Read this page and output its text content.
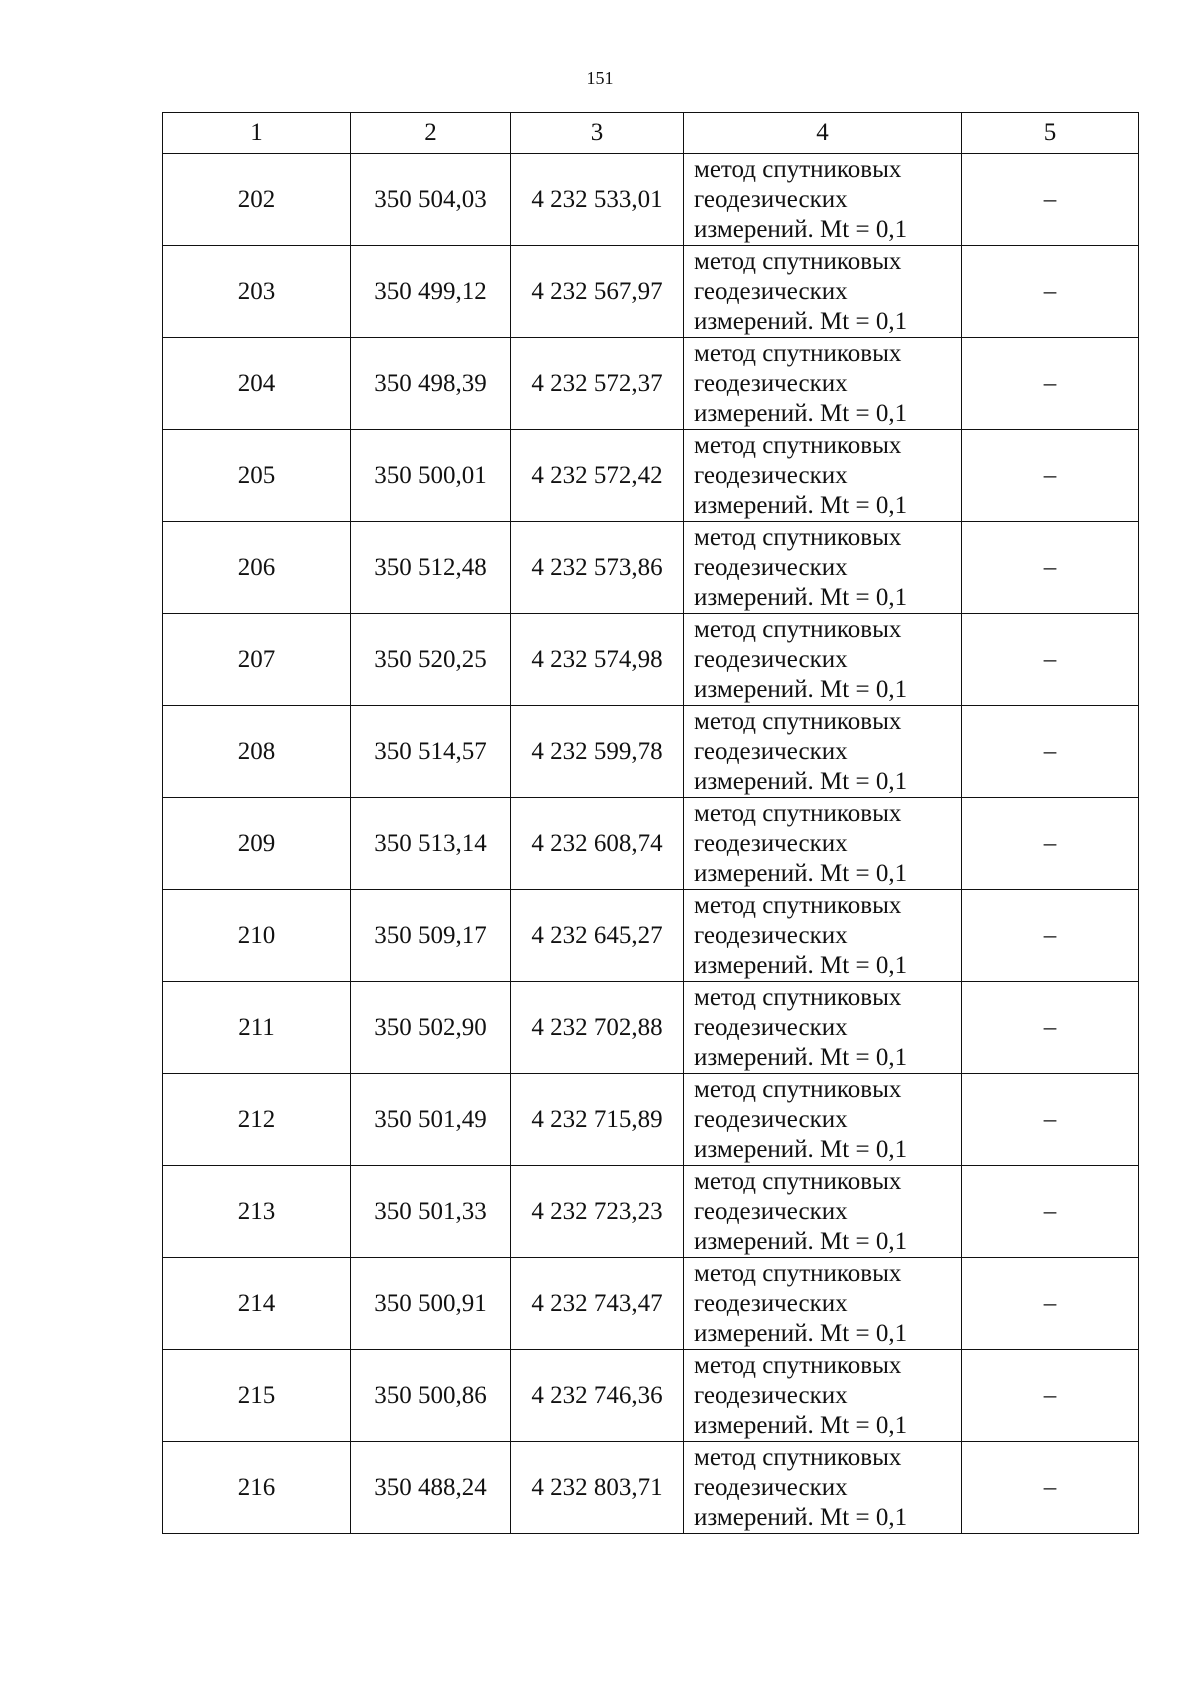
151
1	2	3	4	5
202	350 504,03	4 232 533,01	метод спутниковых
геодезических
измерений. Mt = 0,1	–
203	350 499,12	4 232 567,97	метод спутниковых
геодезических
измерений. Mt = 0,1	–
204	350 498,39	4 232 572,37	метод спутниковых
геодезических
измерений. Mt = 0,1	–
205	350 500,01	4 232 572,42	метод спутниковых
геодезических
измерений. Mt = 0,1	–
206	350 512,48	4 232 573,86	метод спутниковых
геодезических
измерений. Mt = 0,1	–
207	350 520,25	4 232 574,98	метод спутниковых
геодезических
измерений. Mt = 0,1	–
208	350 514,57	4 232 599,78	метод спутниковых
геодезических
измерений. Mt = 0,1	–
209	350 513,14	4 232 608,74	метод спутниковых
геодезических
измерений. Mt = 0,1	–
210	350 509,17	4 232 645,27	метод спутниковых
геодезических
измерений. Mt = 0,1	–
211	350 502,90	4 232 702,88	метод спутниковых
геодезических
измерений. Mt = 0,1	–
212	350 501,49	4 232 715,89	метод спутниковых
геодезических
измерений. Mt = 0,1	–
213	350 501,33	4 232 723,23	метод спутниковых
геодезических
измерений. Mt = 0,1	–
214	350 500,91	4 232 743,47	метод спутниковых
геодезических
измерений. Mt = 0,1	–
215	350 500,86	4 232 746,36	метод спутниковых
геодезических
измерений. Mt = 0,1	–
216	350 488,24	4 232 803,71	метод спутниковых
геодезических
измерений. Mt = 0,1	–
